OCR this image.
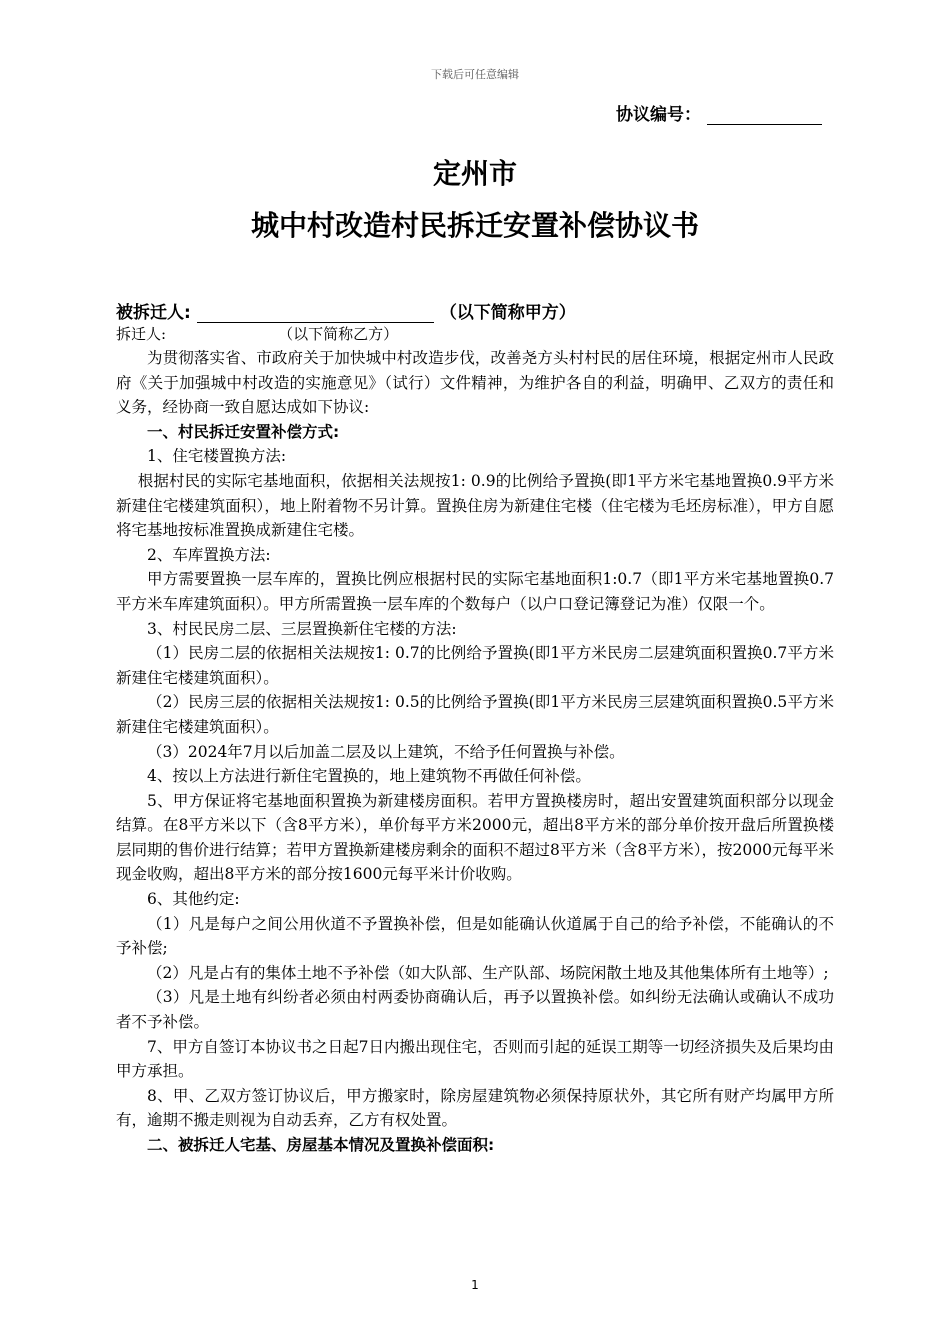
下载后可任意编辑
协议编号：
定州市
城中村改造村民拆迁安置补偿协议书
被拆迁人:	（以下简称甲方）
拆迁人:	（以下简称乙方）

为贯彻落实省、市政府关于加快城中村改造步伐，改善尧方头村村民的居住环境，根据定州市人民政府《关于加强城中村改造的实施意见》（试行）文件精神，为维护各自的利益，明确甲、乙双方的责任和义务，经协商一致自愿达成如下协议:

一、村民拆迁安置补偿方式:

1、住宅楼置换方法:

根据村民的实际宅基地面积，依据相关法规按1: 0.9的比例给予置换(即1平方米宅基地置换0.9平方米新建住宅楼建筑面积），地上附着物不另计算。置换住房为新建住宅楼（住宅楼为毛坯房标准），甲方自愿将宅基地按标准置换成新建住宅楼。

2、车库置换方法:

甲方需要置换一层车库的，置换比例应根据村民的实际宅基地面积1:0.7（即1平方米宅基地置换0.7平方米车库建筑面积）。甲方所需置换一层车库的个数每户（以户口登记簿登记为准）仅限一个。

3、村民民房二层、三层置换新住宅楼的方法:

（1）民房二层的依据相关法规按1: 0.7的比例给予置换(即1平方米民房二层建筑面积置换0.7平方米新建住宅楼建筑面积）。

（2）民房三层的依据相关法规按1: 0.5的比例给予置换(即1平方米民房三层建筑面积置换0.5平方米新建住宅楼建筑面积）。

（3）2024年7月以后加盖二层及以上建筑，不给予任何置换与补偿。

4、按以上方法进行新住宅置换的，地上建筑物不再做任何补偿。

5、甲方保证将宅基地面积置换为新建楼房面积。若甲方置换楼房时，超出安置建筑面积部分以现金结算。在8平方米以下（含8平方米），单价每平方米2000元，超出8平方米的部分单价按开盘后所置换楼层同期的售价进行结算；若甲方置换新建楼房剩余的面积不超过8平方米（含8平方米），按2000元每平米现金收购，超出8平方米的部分按1600元每平米计价收购。

6、其他约定:

（1）凡是每户之间公用伙道不予置换补偿，但是如能确认伙道属于自己的给予补偿，不能确认的不予补偿;

（2）凡是占有的集体土地不予补偿（如大队部、生产队部、场院闲散土地及其他集体所有土地等）;

（3）凡是土地有纠纷者必须由村两委协商确认后，再予以置换补偿。如纠纷无法确认或确认不成功者不予补偿。

7、甲方自签订本协议书之日起7日内搬出现住宅，否则而引起的延误工期等一切经济损失及后果均由甲方承担。

8、甲、乙双方签订协议后，甲方搬家时，除房屋建筑物必须保持原状外，其它所有财产均属甲方所有，逾期不搬走则视为自动丢弃，乙方有权处置。

二、被拆迁人宅基、房屋基本情况及置换补偿面积:

1
